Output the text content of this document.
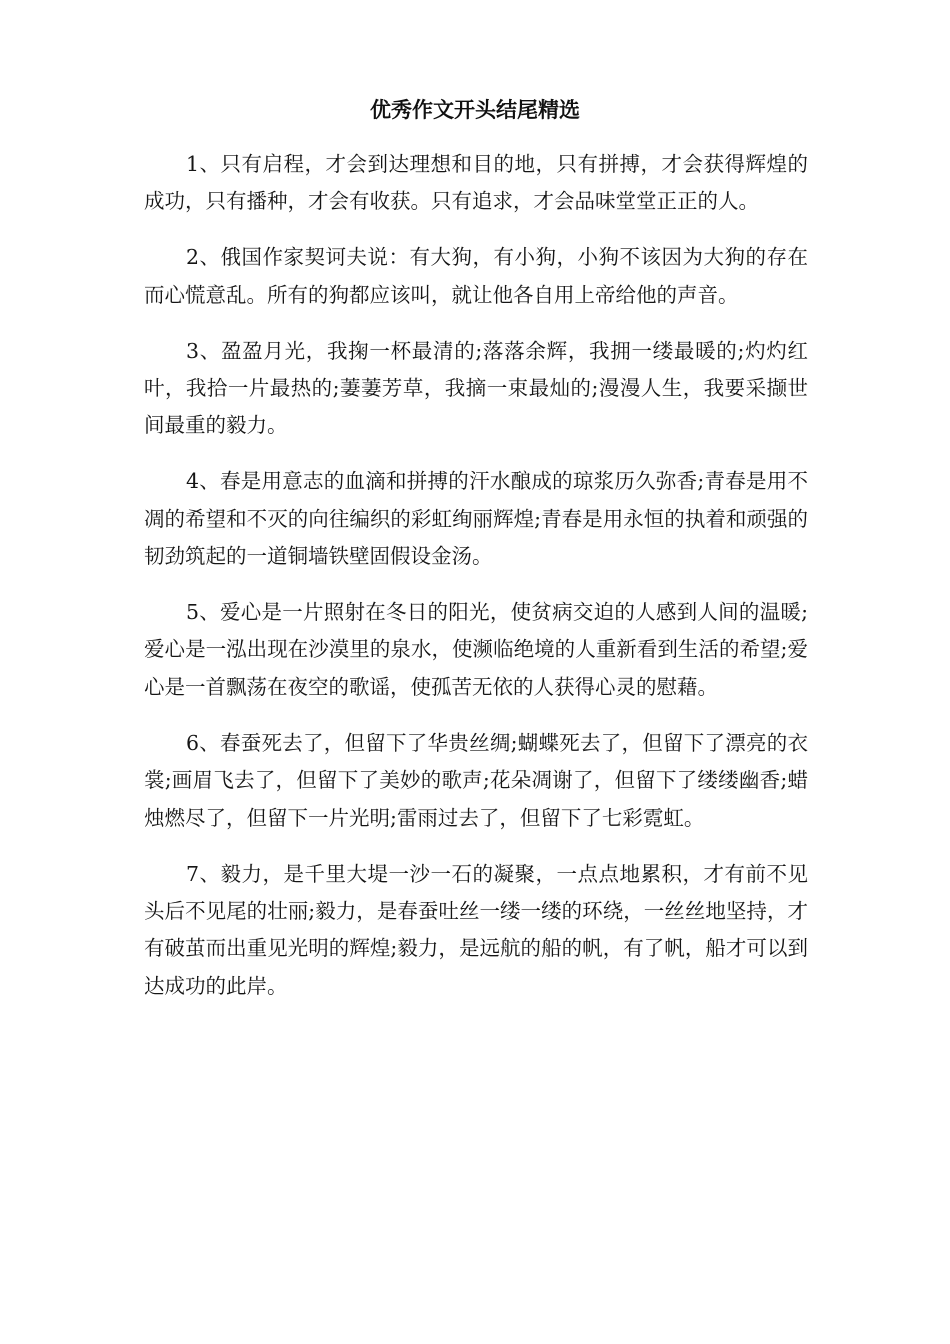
优秀作文开头结尾精选

1、只有启程，才会到达理想和目的地，只有拼搏，才会获得辉煌的成功，只有播种，才会有收获。只有追求，才会品味堂堂正正的人。

2、俄国作家契诃夫说：有大狗，有小狗，小狗不该因为大狗的存在而心慌意乱。所有的狗都应该叫，就让他各自用上帝给他的声音。

3、盈盈月光，我掬一杯最清的;落落余辉，我拥一缕最暖的;灼灼红叶，我拾一片最热的;萋萋芳草，我摘一束最灿的;漫漫人生，我要采撷世间最重的毅力。

4、春是用意志的血滴和拼搏的汗水酿成的琼浆历久弥香;青春是用不凋的希望和不灭的向往编织的彩虹绚丽辉煌;青春是用永恒的执着和顽强的韧劲筑起的一道铜墙铁壁固假设金汤。

5、爱心是一片照射在冬日的阳光，使贫病交迫的人感到人间的温暖;爱心是一泓出现在沙漠里的泉水，使濒临绝境的人重新看到生活的希望;爱心是一首飘荡在夜空的歌谣，使孤苦无依的人获得心灵的慰藉。

6、春蚕死去了，但留下了华贵丝绸;蝴蝶死去了，但留下了漂亮的衣裳;画眉飞去了，但留下了美妙的歌声;花朵凋谢了，但留下了缕缕幽香;蜡烛燃尽了，但留下一片光明;雷雨过去了，但留下了七彩霓虹。

7、毅力，是千里大堤一沙一石的凝聚，一点点地累积，才有前不见头后不见尾的壮丽;毅力，是春蚕吐丝一缕一缕的环绕，一丝丝地坚持，才有破茧而出重见光明的辉煌;毅力，是远航的船的帆，有了帆，船才可以到达成功的此岸。
